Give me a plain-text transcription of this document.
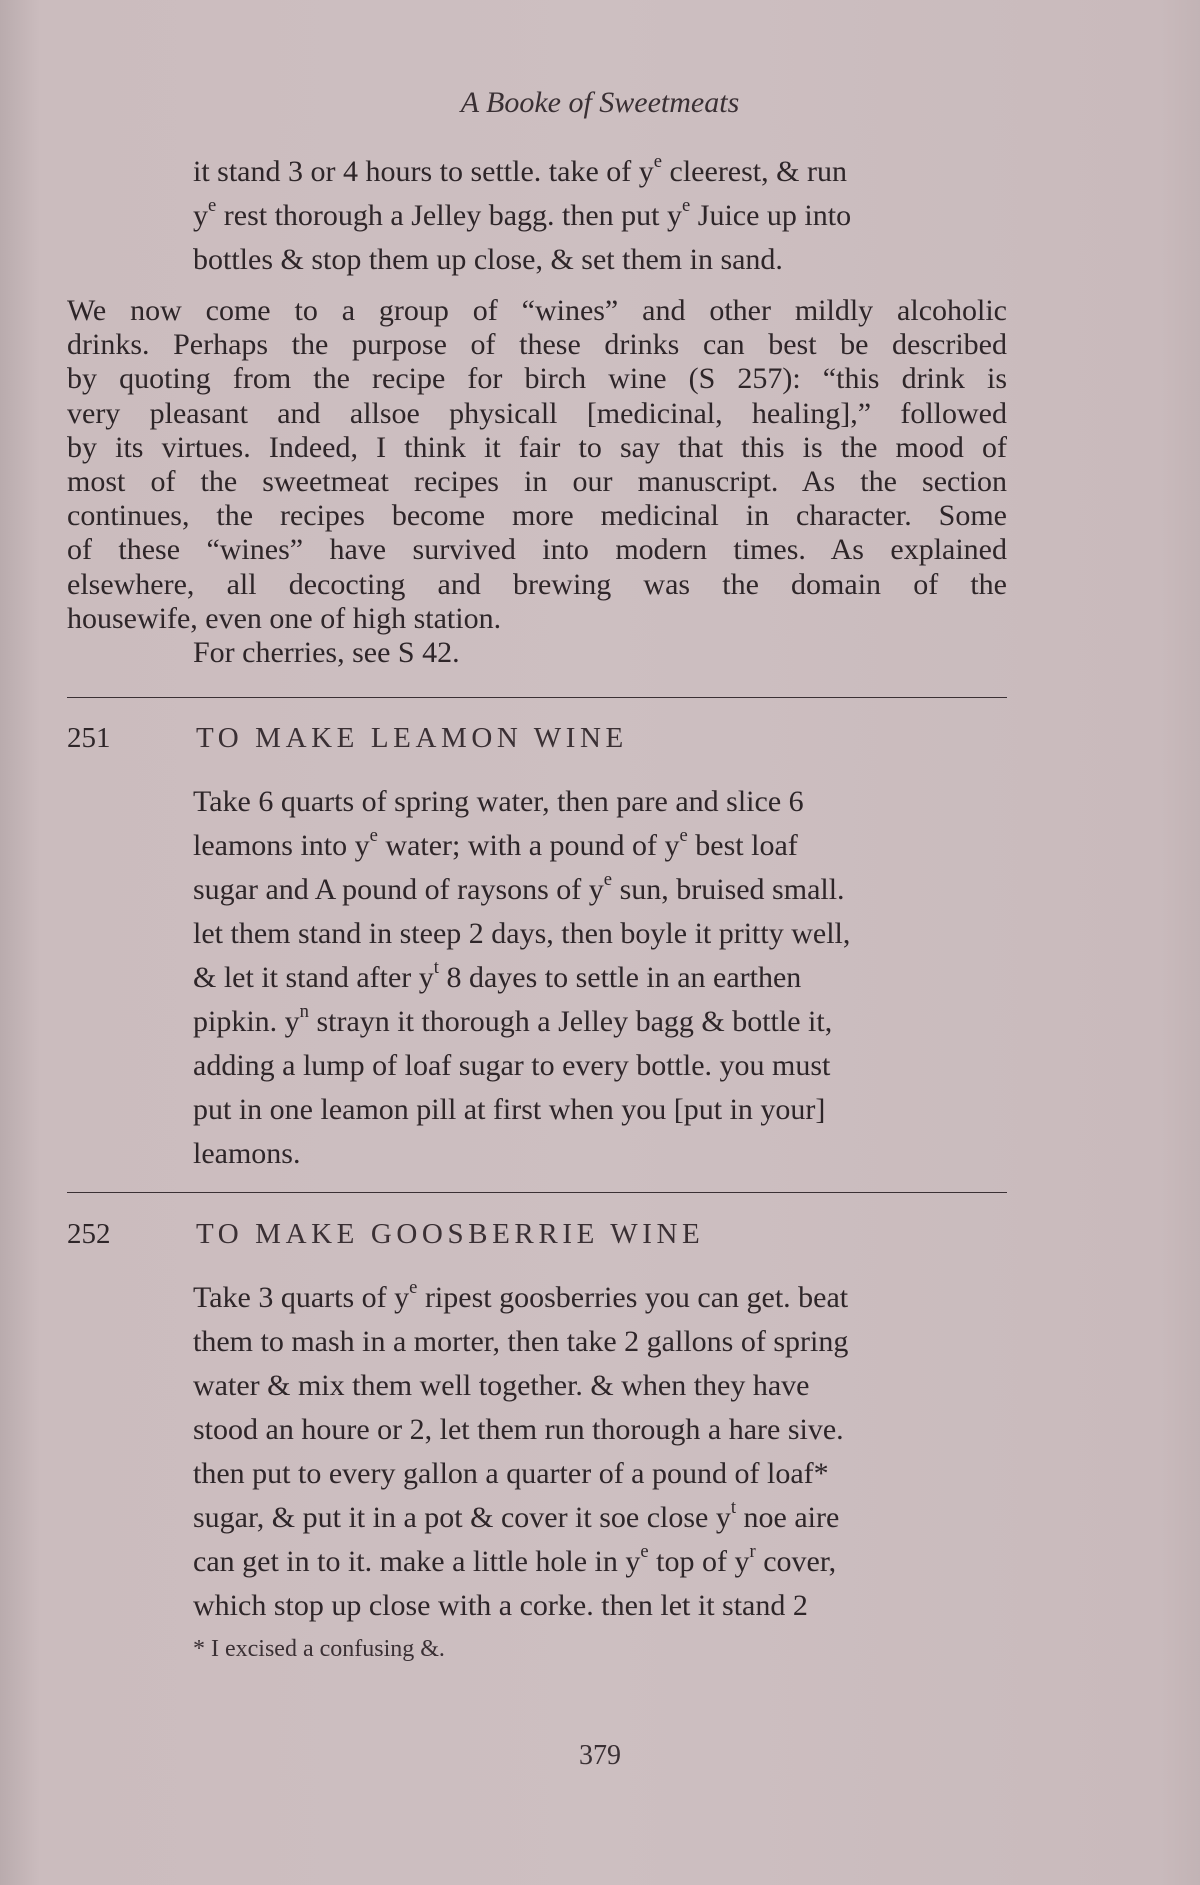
A Booke of Sweetmeats
it stand 3 or 4 hours to settle. take of $y^e$ cleerest, & run
$y^e$ rest thorough a Jelley bagg. then put $y^e$ Juice up into
bottles & stop them up close, & set them in sand.
We now come to a group of “wines” and other mildly alcoholic
drinks. Perhaps the purpose of these drinks can best be described
by quoting from the recipe for birch wine (S 257): “this drink is
very pleasant and allsoe physicall [medicinal, healing],” followed
by its virtues. Indeed, I think it fair to say that this is the mood of
most of the sweetmeat recipes in our manuscript. As the section
continues, the recipes become more medicinal in character. Some
of these “wines” have survived into modern times. As explained
elsewhere, all decocting and brewing was the domain of the
housewife, even one of high station.
For cherries, see S 42.
251	TO MAKE LEAMON WINE
Take 6 quarts of spring water, then pare and slice 6
leamons into $y^e$ water; with a pound of $y^e$ best loaf
sugar and A pound of raysons of $y^e$ sun, bruised small.
let them stand in steep 2 days, then boyle it pritty well,
& let it stand after $y^t$ 8 dayes to settle in an earthen
pipkin. $y^n$ strayn it thorough a Jelley bagg & bottle it,
adding a lump of loaf sugar to every bottle. you must
put in one leamon pill at first when you [put in your]
leamons.
252	TO MAKE GOOSBERRIE WINE
Take 3 quarts of $y^e$ ripest goosberries you can get. beat
them to mash in a morter, then take 2 gallons of spring
water & mix them well together. & when they have
stood an houre or 2, let them run thorough a hare sive.
then put to every gallon a quarter of a pound of loaf*
sugar, & put it in a pot & cover it soe close $y^t$ noe aire
can get in to it. make a little hole in $y^e$ top of $y^r$ cover,
which stop up close with a corke. then let it stand 2
* I excised a confusing &.
379
